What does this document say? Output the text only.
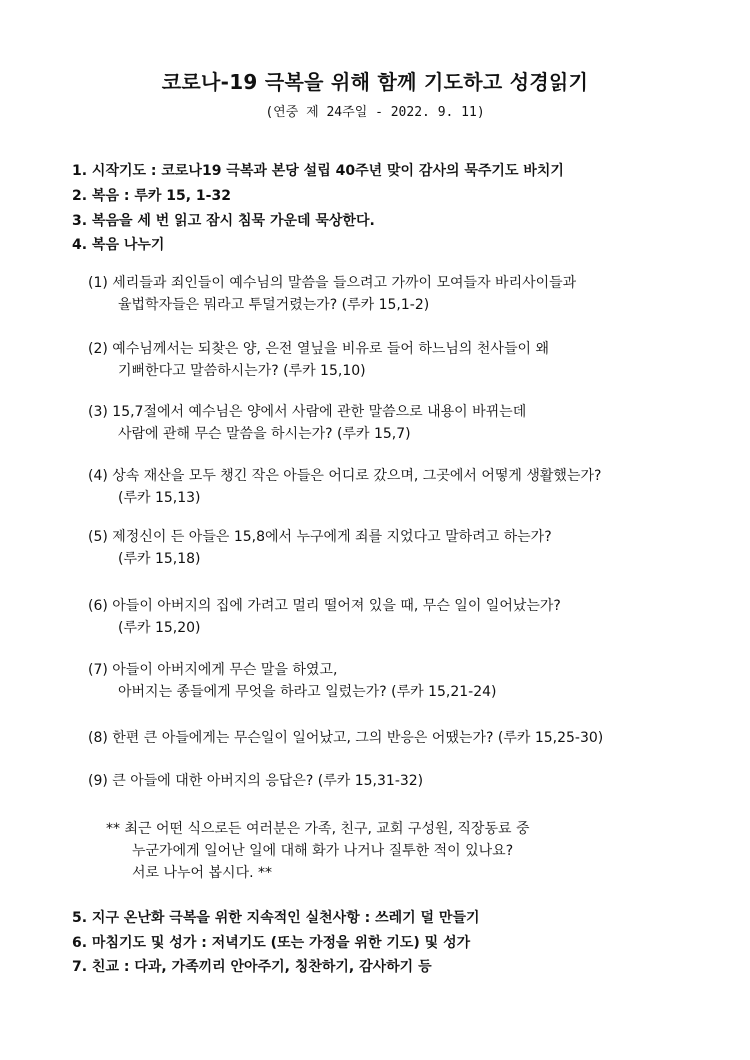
코로나-19 극복을 위해 함께 기도하고 성경읽기
(연중 제 24주일 - 2022. 9. 11)
1. 시작기도 : 코로나19 극복과 본당 설립 40주년 맞이 감사의 묵주기도 바치기
2. 복음 : 루카 15, 1-32
3. 복음을 세 번 읽고 잠시 침묵 가운데 묵상한다.
4. 복음 나누기
(1) 세리들과 죄인들이 예수님의 말씀을 들으려고 가까이 모여들자 바리사이들과
율법학자들은 뭐라고 투덜거렸는가? (루카 15,1-2)
(2) 예수님께서는 되찾은 양, 은전 열닢을 비유로 들어 하느님의 천사들이 왜
기뻐한다고 말씀하시는가? (루카 15,10)
(3) 15,7절에서 예수님은 양에서 사람에 관한 말씀으로 내용이 바뀌는데
사람에 관해 무슨 말씀을 하시는가? (루카 15,7)
(4) 상속 재산을 모두 챙긴 작은 아들은 어디로 갔으며, 그곳에서 어떻게 생활했는가?
(루카 15,13)
(5) 제정신이 든 아들은 15,8에서 누구에게 죄를 지었다고 말하려고 하는가?
(루카 15,18)
(6) 아들이 아버지의 집에 가려고 멀리 떨어져 있을 때, 무슨 일이 일어났는가?
(루카 15,20)
(7) 아들이 아버지에게 무슨 말을 하였고,
아버지는 종들에게 무엇을 하라고 일렀는가? (루카 15,21-24)
(8) 한편 큰 아들에게는 무슨일이 일어났고, 그의 반응은 어땠는가? (루카 15,25-30)
(9) 큰 아들에 대한 아버지의 응답은? (루카 15,31-32)
** 최근 어떤 식으로든 여러분은 가족, 친구, 교회 구성원, 직장동료 중
누군가에게 일어난 일에 대해 화가 나거나 질투한 적이 있나요?
서로 나누어 봅시다. **
5. 지구 온난화 극복을 위한 지속적인 실천사항 : 쓰레기 덜 만들기
6. 마침기도 및 성가 : 저녁기도 (또는 가정을 위한 기도) 및 성가
7. 친교 : 다과, 가족끼리 안아주기, 칭찬하기, 감사하기 등
